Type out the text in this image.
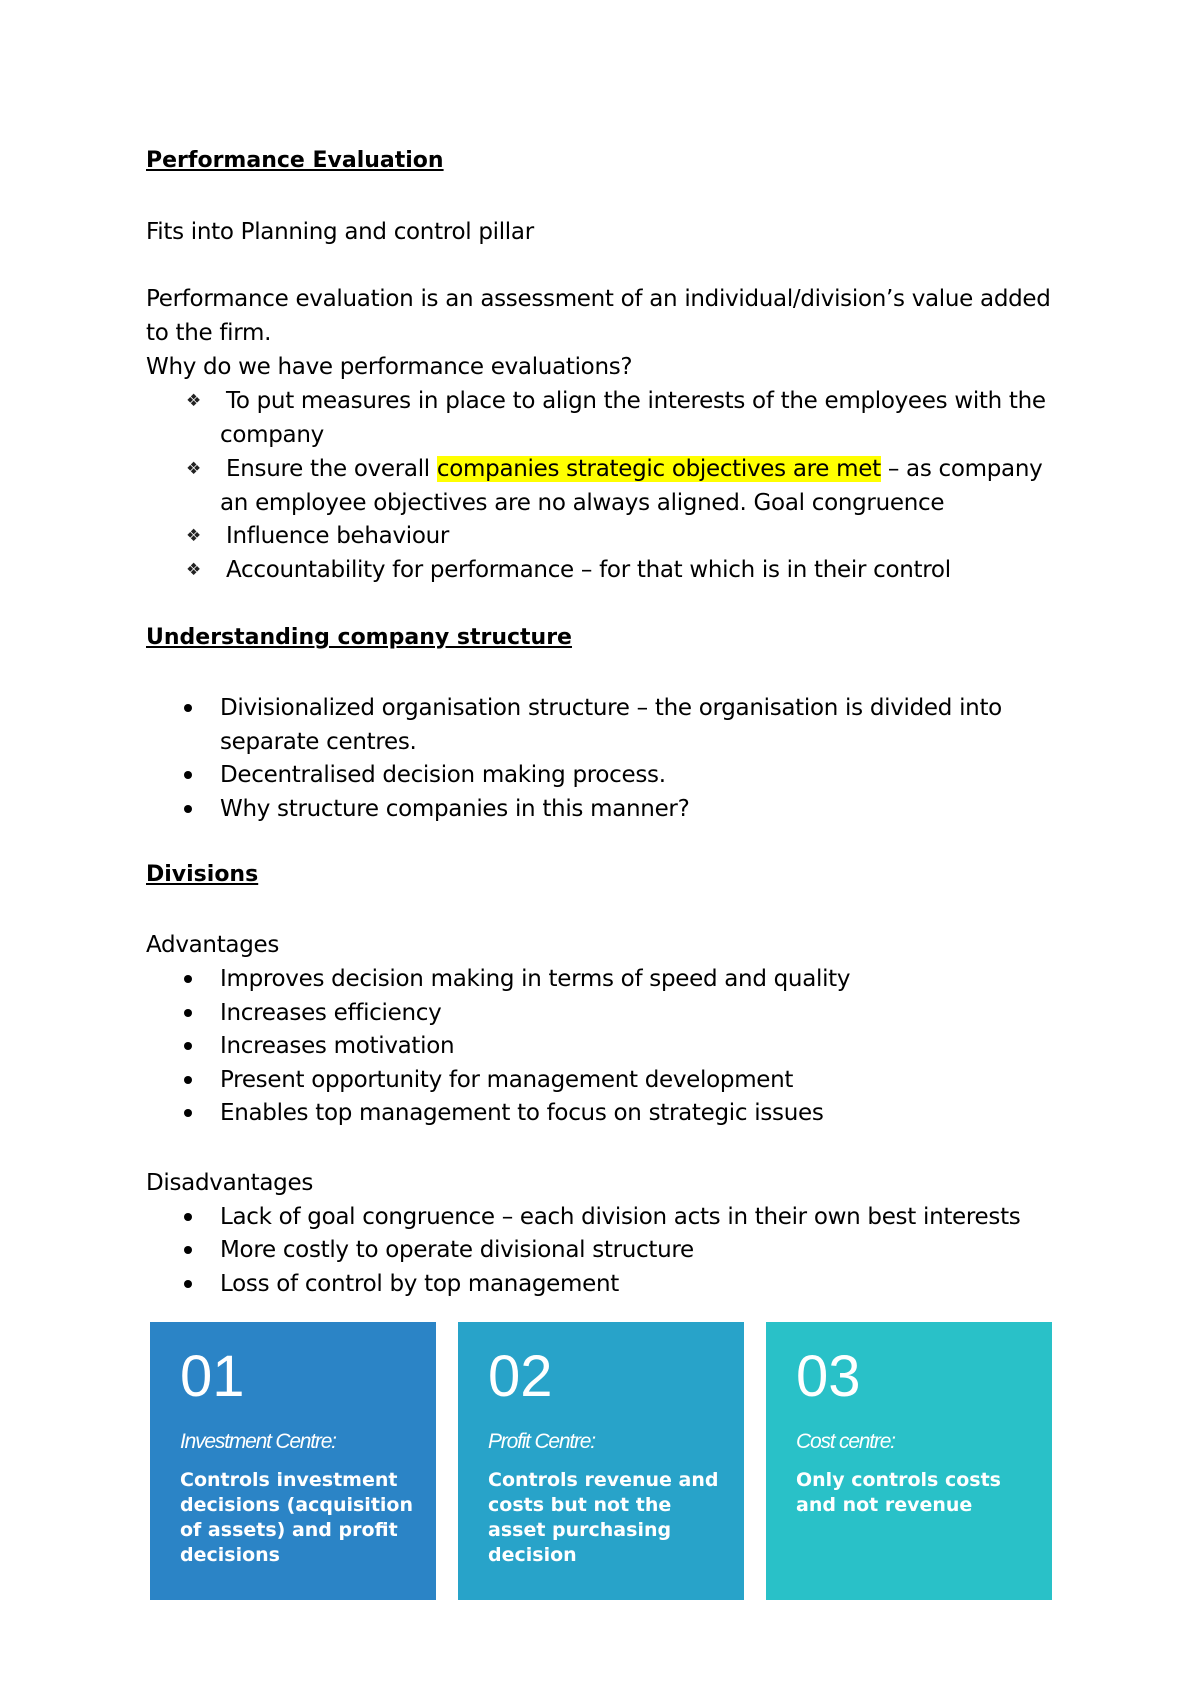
Performance Evaluation
Fits into Planning and control pillar
Performance evaluation is an assessment of an individual/division’s value added
to the firm.
Why do we have performance evaluations?
❖ To put measures in place to align the interests of the employees with the
company
❖ Ensure the overall companies strategic objectives are met – as company
an employee objectives are no always aligned. Goal congruence
❖ Influence behaviour
❖ Accountability for performance – for that which is in their control
Understanding company structure
Divisionalized organisation structure – the organisation is divided into
separate centres.
Decentralised decision making process.
Why structure companies in this manner?
Divisions
Advantages
Improves decision making in terms of speed and quality
Increases efficiency
Increases motivation
Present opportunity for management development
Enables top management to focus on strategic issues
Disadvantages
Lack of goal congruence – each division acts in their own best interests
More costly to operate divisional structure
Loss of control by top management
01
Investment Centre:
Controls investment decisions (acquisition of assets) and profit decisions
02
Profit Centre:
Controls revenue and costs but not the asset purchasing decision
03
Cost centre:
Only controls costs and not revenue
